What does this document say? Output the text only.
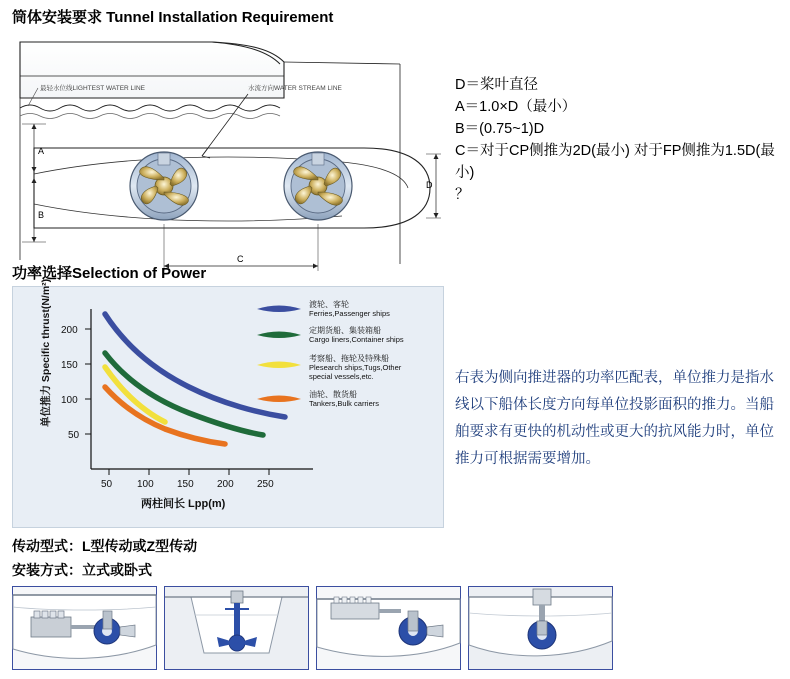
筒体安装要求 Tunnel Installation Requirement
最轻水位线LIGHTEST WATER LINE	水流方向WATER STREAM LINE
A
B
C
D
D＝桨叶直径
A＝1.0×D（最小）
B＝(0.75~1)D
C＝对于CP侧推为2D(最小) 对于FP侧推为1.5D(最
小)
？
功率选择Selection of Power
200
150
100
50
50 100 150 200 250
单位推力 Specific thrust(N/m²)
两柱间长 Lpp(m)
渡轮、客轮
Ferries,Passenger ships
定期货船、集装箱船
Cargo liners,Container ships
考察船、拖轮及特殊船
Plesearch ships,Tugs,Other
special vessels,etc.
油轮、散货船
Tankers,Bulk carriers
右表为侧向推进器的功率匹配表，单位推力是指水线以下船体长度方向每单位投影面积的推力。当船舶要求有更快的机动性或更大的抗风能力时，单位推力可根据需要增加。
传动型式：L型传动或Z型传动
安装方式：立式或卧式
